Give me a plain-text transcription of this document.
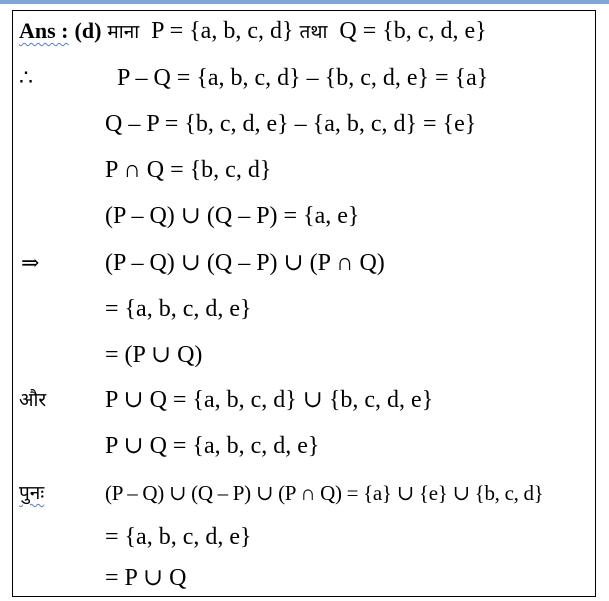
Ans : (d) माना P = {a, b, c, d} तथा Q = {b, c, d, e}
∴	P – Q = {a, b, c, d} – {b, c, d, e} = {a}
Q – P = {b, c, d, e} – {a, b, c, d} = {e}
P ∩ Q = {b, c, d}
(P – Q) ∪ (Q – P) = {a, e}
⇒	(P – Q) ∪ (Q – P) ∪ (P ∩ Q)
= {a, b, c, d, e}
= (P ∪ Q)
और P ∪ Q = {a, b, c, d} ∪ {b, c, d, e}
P ∪ Q = {a, b, c, d, e}
पुनः	(P – Q) ∪ (Q – P) ∪ (P ∩ Q) = {a} ∪ {e} ∪ {b, c, d}
= {a, b, c, d, e}
= P ∪ Q
